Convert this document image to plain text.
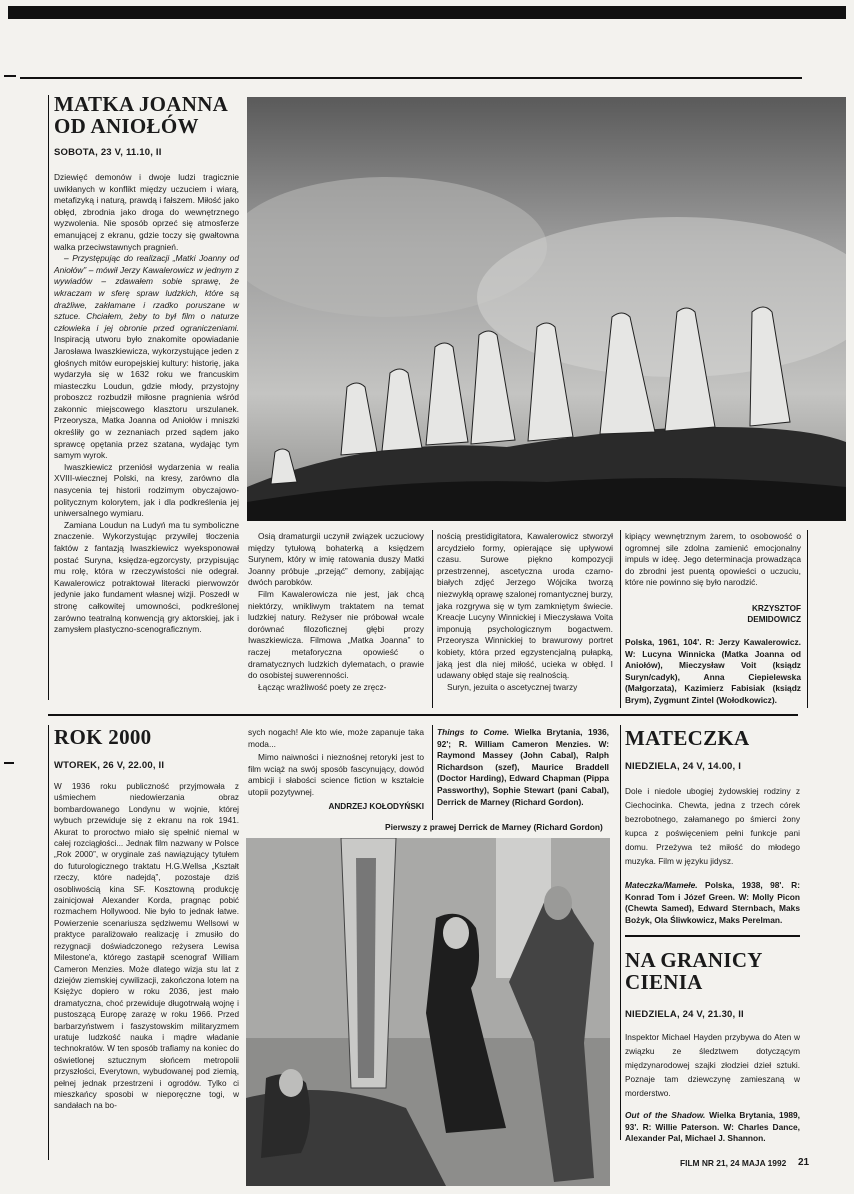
MATKA JOANNA
OD ANIOŁÓW
SOBOTA, 23 V, 11.10, II

Dziewięć demonów i dwoje ludzi tragicznie uwikłanych w konflikt między uczuciem i wiarą, metafizyką i naturą, prawdą i fałszem. Miłość jako obłęd, zbrodnia jako droga do wewnętrznego wyzwolenia. Nie sposób oprzeć się atmosferze emanującej z ekranu, gdzie toczy się gwałtowna walka przeciwstawnych pragnień.

– Przystępując do realizacji „Matki Joanny od Aniołów” – mówił Jerzy Kawalerowicz w jednym z wywiadów – zdawałem sobie sprawę, że wkraczam w sferę spraw ludzkich, które są drażliwe, zakłamane i rzadko poruszane w sztuce. Chciałem, żeby to był film o naturze człowieka i jej obronie przed ograniczeniami. Inspiracją utworu było znakomite opowiadanie Jarosława Iwaszkiewicza, wykorzystujące jeden z głośnych mitów europejskiej kultury: historię, jaka wydarzyła się w 1632 roku we francuskim miasteczku Loudun, gdzie młody, przystojny proboszcz rozbudził miłosne pragnienia wśród zakonnic miejscowego klasztoru urszulanek. Przeorysza, Matka Joanna od Aniołów i mniszki określiły go w zeznaniach przed sądem jako sprawcę opętania przez szatana, wydając tym samym wyrok.

Iwaszkiewicz przeniósł wydarzenia w realia XVIII-wiecznej Polski, na kresy, zarówno dla nasycenia tej historii rodzimym obyczajowo-politycznym kolorytem, jak i dla podkreślenia jej uniwersalnego wymiaru.

Zamiana Loudun na Ludyń ma tu symboliczne znaczenie. Wykorzystując przywilej tłoczenia faktów z fantazją Iwaszkiewicz wyeksponował postać Suryna, księdza-egzorcysty, przypisując mu rolę, która w rzeczywistości nie odegrał. Kawalerowicz potraktował literacki pierwowzór jedynie jako fundament własnej wizji. Poszedł w stronę całkowitej umowności, podkreślonej zarówno teatralną konwencją gry aktorskiej, jak i zamysłem plastyczno-scenograficznym.

Osią dramaturgii uczynił związek uczuciowy między tytułową bohaterką a księdzem Surynem, który w imię ratowania duszy Matki Joanny próbuje „przejąć” demony, zabijając dwóch parobków.

Film Kawalerowicza nie jest, jak chcą niektórzy, wnikliwym traktatem na temat ludzkiej natury. Reżyser nie próbował wcale dorównać filozoficznej głębi prozy Iwaszkiewicza. Filmowa „Matka Joanna” to raczej metaforyczna opowieść o dramatycznych ludzkich dylematach, o prawie do osobistej suwerenności.

Łącząc wrażliwość poety ze zręcz-

nością prestidigitatora, Kawalerowicz stworzył arcydzieło formy, opierające się upływowi czasu. Surowe piękno kompozycji przestrzennej, ascetyczna uroda czarno-białych zdjęć Jerzego Wójcika tworzą niezwykłą oprawę szalonej romantycznej burzy, jaka rozgrywa się w tym zamkniętym świecie. Kreacje Lucyny Winnickiej i Mieczysława Voita imponują psychologicznym bogactwem. Przeorysza Winnickiej to brawurowy portret kobiety, która przed egzystencjalną pułapką, jaką jest dla niej miłość, ucieka w obłęd. I udawany obłęd staje się realnością.

Suryn, jezuita o ascetycznej twarzy

kipiący wewnętrznym żarem, to osobowość o ogromnej sile zdolna zamienić emocjonalny impuls w ideę. Jego determinacja prowadząca do zbrodni jest puentą opowieści o uczuciu, które nie powinno się było narodzić.
KRZYSZTOF
DEMIDOWICZ
Polska, 1961, 104'. R: Jerzy Kawalerowicz. W: Lucyna Winnicka (Matka Joanna od Aniołów), Mieczysław Voit (ksiądz Suryn/cadyk), Anna Ciepielewska (Małgorzata), Kazimierz Fabisiak (ksiądz Brym), Zygmunt Zintel (Wołodkowicz).
ROK 2000
WTOREK, 26 V, 22.00, II
W 1936 roku publiczność przyjmowała z uśmiechem niedowierzania obraz bombardowanego Londynu w wojnie, której wybuch przewiduje się z ekranu na rok 1941. Akurat to proroctwo miało się spełnić niemal w całej rozciągłości... Jednak film nazwany w Polsce „Rok 2000”, w oryginale zaś nawiązujący tytułem do futurologicznego traktatu H.G.Wellsa „Kształt rzeczy, które nadejdą”, pozostaje dziś osobliwością kina SF. Kosztowną produkcję zainicjował Alexander Korda, pragnąc pobić rozmachem Hollywood. Nie było to jednak łatwe. Powierzenie scenariusza sędziwemu Wellsowi w praktyce paraliżowało realizację i zmusiło do rezygnacji doświadczonego reżysera Lewisa Milestone'a, którego zastąpił scenograf William Cameron Menzies. Może dlatego wizja stu lat z dziejów ziemskiej cywilizacji, zakończona lotem na Księżyc dopiero w roku 2036, jest mało dramatyczna, choć przewiduje długotrwałą wojnę i pustoszącą Europę zarazę w roku 1966. Przed barbarzyństwem i faszystowskim militaryzmem uratuje ludzkość nauka i mądre władanie technokratów. W ten sposób trafiamy na koniec do oświetlonej sztucznym słońcem metropolii przyszłości, Everytown, wybudowanej pod ziemią, pełnej jednak przestrzeni i ogrodów. Tylko ci mieszkańcy sposobi w nieporęczne togi, w sandałach na bo-
sych nogach! Ale kto wie, może zapanuje taka moda...
Mimo naiwności i nieznośnej retoryki jest to film wciąż na swój sposób fascynujący, dowód ambicji i słabości science fiction w kształcie utopii pozytywnej.
ANDRZEJ KOŁODYŃSKI
Things to Come. Wielka Brytania, 1936, 92'; R. William Cameron Menzies. W: Raymond Massey (John Cabal), Ralph Richardson (szef), Maurice Braddell (Doctor Harding), Edward Chapman (Pippa Passworthy), Sophie Stewart (pani Cabal), Derrick de Marney (Richard Gordon).
Pierwszy z prawej Derrick de Marney (Richard Gordon)
MATECZKA
NIEDZIELA, 24 V, 14.00, I
Dole i niedole ubogiej żydowskiej rodziny z Ciechocinka. Chewta, jedna z trzech córek bezrobotnego, załamanego po śmierci żony kupca z poświęceniem pełni funkcje pani domu. Przeżywa też miłość do młodego muzyka. Film w języku jidysz.
Mateczka/Mamełe. Polska, 1938, 98'. R: Konrad Tom i Józef Green. W: Molly Picon (Chewta Samed), Edward Sternbach, Maks Bożyk, Ola Śliwkowicz, Maks Perelman.
NA GRANICY
CIENIA
NIEDZIELA, 24 V, 21.30, II
Inspektor Michael Hayden przybywa do Aten w związku ze śledztwem dotyczącym międzynarodowej szajki złodziei dzieł sztuki. Poznaje tam dziewczynę zamieszaną w morderstwo.
Out of the Shadow. Wielka Brytania, 1989, 93'. R: Willie Paterson. W: Charles Dance, Alexander Pal, Michael J. Shannon.
FILM NR 21, 24 MAJA 1992 21
